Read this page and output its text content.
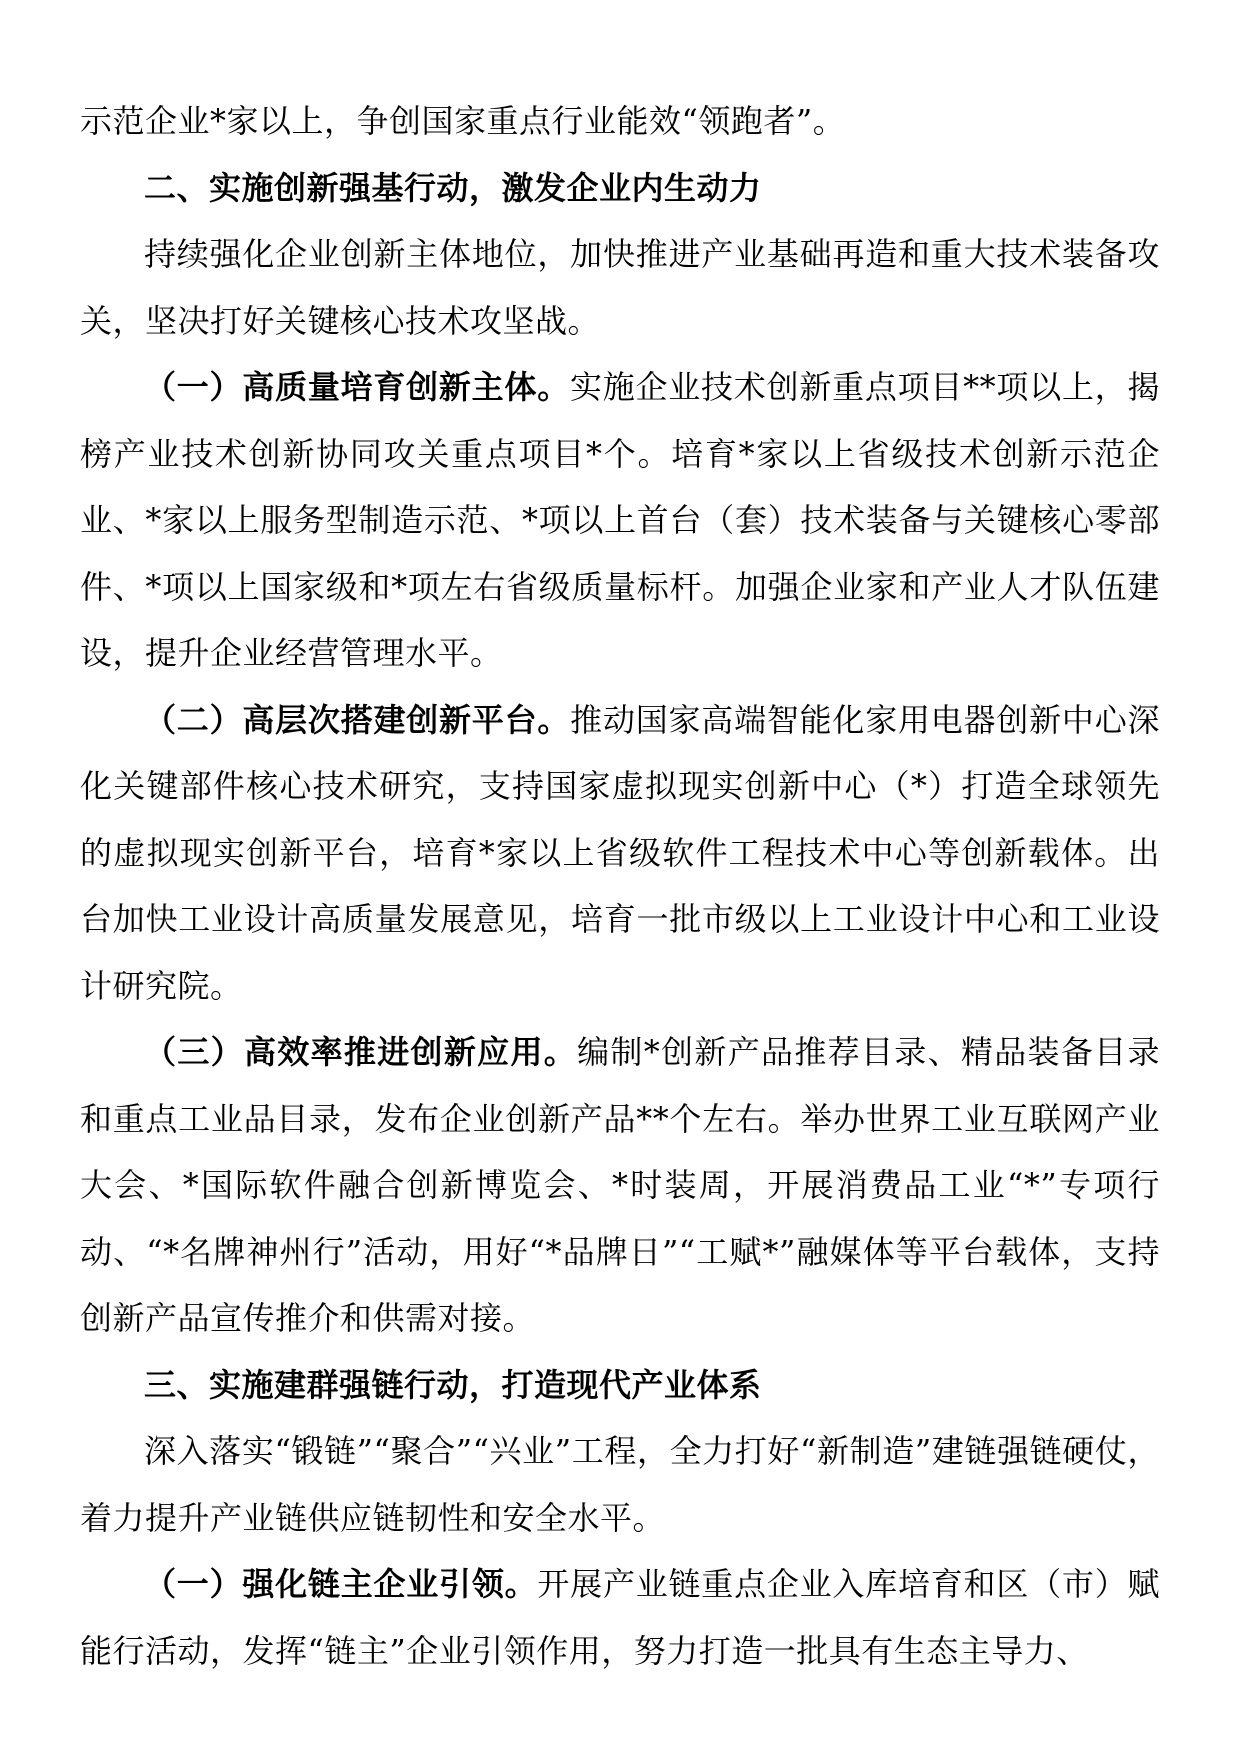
示范企业*家以上，争创国家重点行业能效“领跑者”。

二、实施创新强基行动，激发企业内生动力

持续强化企业创新主体地位，加快推进产业基础再造和重大技术装备攻关，坚决打好关键核心技术攻坚战。

（一）高质量培育创新主体。实施企业技术创新重点项目**项以上，揭榜产业技术创新协同攻关重点项目*个。培育*家以上省级技术创新示范企业、*家以上服务型制造示范、*项以上首台（套）技术装备与关键核心零部件、*项以上国家级和*项左右省级质量标杆。加强企业家和产业人才队伍建设，提升企业经营管理水平。

（二）高层次搭建创新平台。推动国家高端智能化家用电器创新中心深化关键部件核心技术研究，支持国家虚拟现实创新中心（*）打造全球领先的虚拟现实创新平台，培育*家以上省级软件工程技术中心等创新载体。出台加快工业设计高质量发展意见，培育一批市级以上工业设计中心和工业设计研究院。

（三）高效率推进创新应用。编制*创新产品推荐目录、精品装备目录和重点工业品目录，发布企业创新产品**个左右。举办世界工业互联网产业大会、*国际软件融合创新博览会、*时装周，开展消费品工业“*”专项行动、“*名牌神州行”活动，用好“*品牌日”“工赋*”融媒体等平台载体，支持创新产品宣传推介和供需对接。

三、实施建群强链行动，打造现代产业体系

深入落实“锻链”“聚合”“兴业”工程，全力打好“新制造”建链强链硬仗，着力提升产业链供应链韧性和安全水平。

（一）强化链主企业引领。开展产业链重点企业入库培育和区（市）赋能行活动，发挥“链主”企业引领作用，努力打造一批具有生态主导力、
